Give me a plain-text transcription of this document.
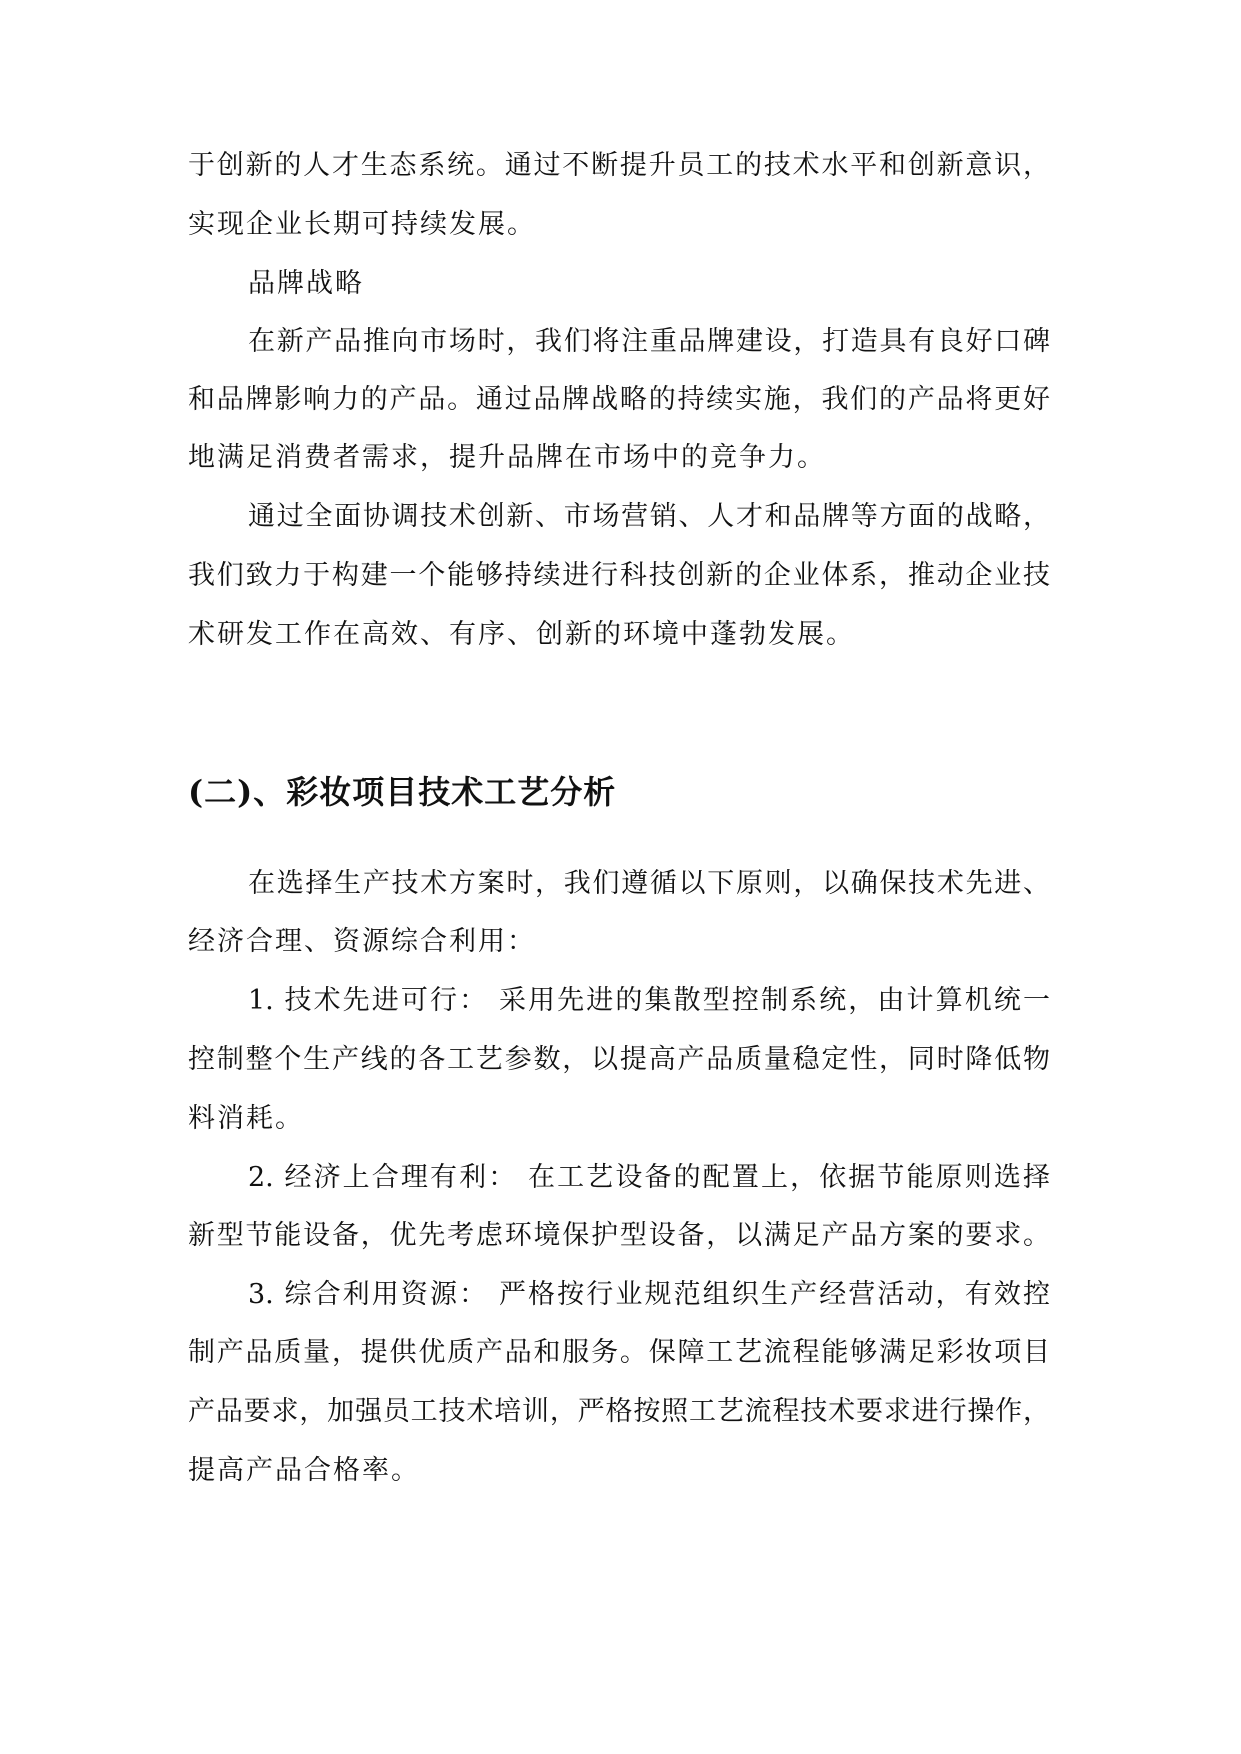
于创新的人才生态系统。通过不断提升员工的技术水平和创新意识，
实现企业长期可持续发展。
品牌战略
在新产品推向市场时，我们将注重品牌建设，打造具有良好口碑
和品牌影响力的产品。通过品牌战略的持续实施，我们的产品将更好
地满足消费者需求，提升品牌在市场中的竞争力。
通过全面协调技术创新、市场营销、人才和品牌等方面的战略，
我们致力于构建一个能够持续进行科技创新的企业体系，推动企业技
术研发工作在高效、有序、创新的环境中蓬勃发展。
(二)、彩妆项目技术工艺分析
在选择生产技术方案时，我们遵循以下原则，以确保技术先进、
经济合理、资源综合利用：
1. 技术先进可行： 采用先进的集散型控制系统，由计算机统一
控制整个生产线的各工艺参数，以提高产品质量稳定性，同时降低物
料消耗。
2. 经济上合理有利： 在工艺设备的配置上，依据节能原则选择
新型节能设备，优先考虑环境保护型设备，以满足产品方案的要求。
3. 综合利用资源： 严格按行业规范组织生产经营活动，有效控
制产品质量，提供优质产品和服务。保障工艺流程能够满足彩妆项目
产品要求，加强员工技术培训，严格按照工艺流程技术要求进行操作，
提高产品合格率。
